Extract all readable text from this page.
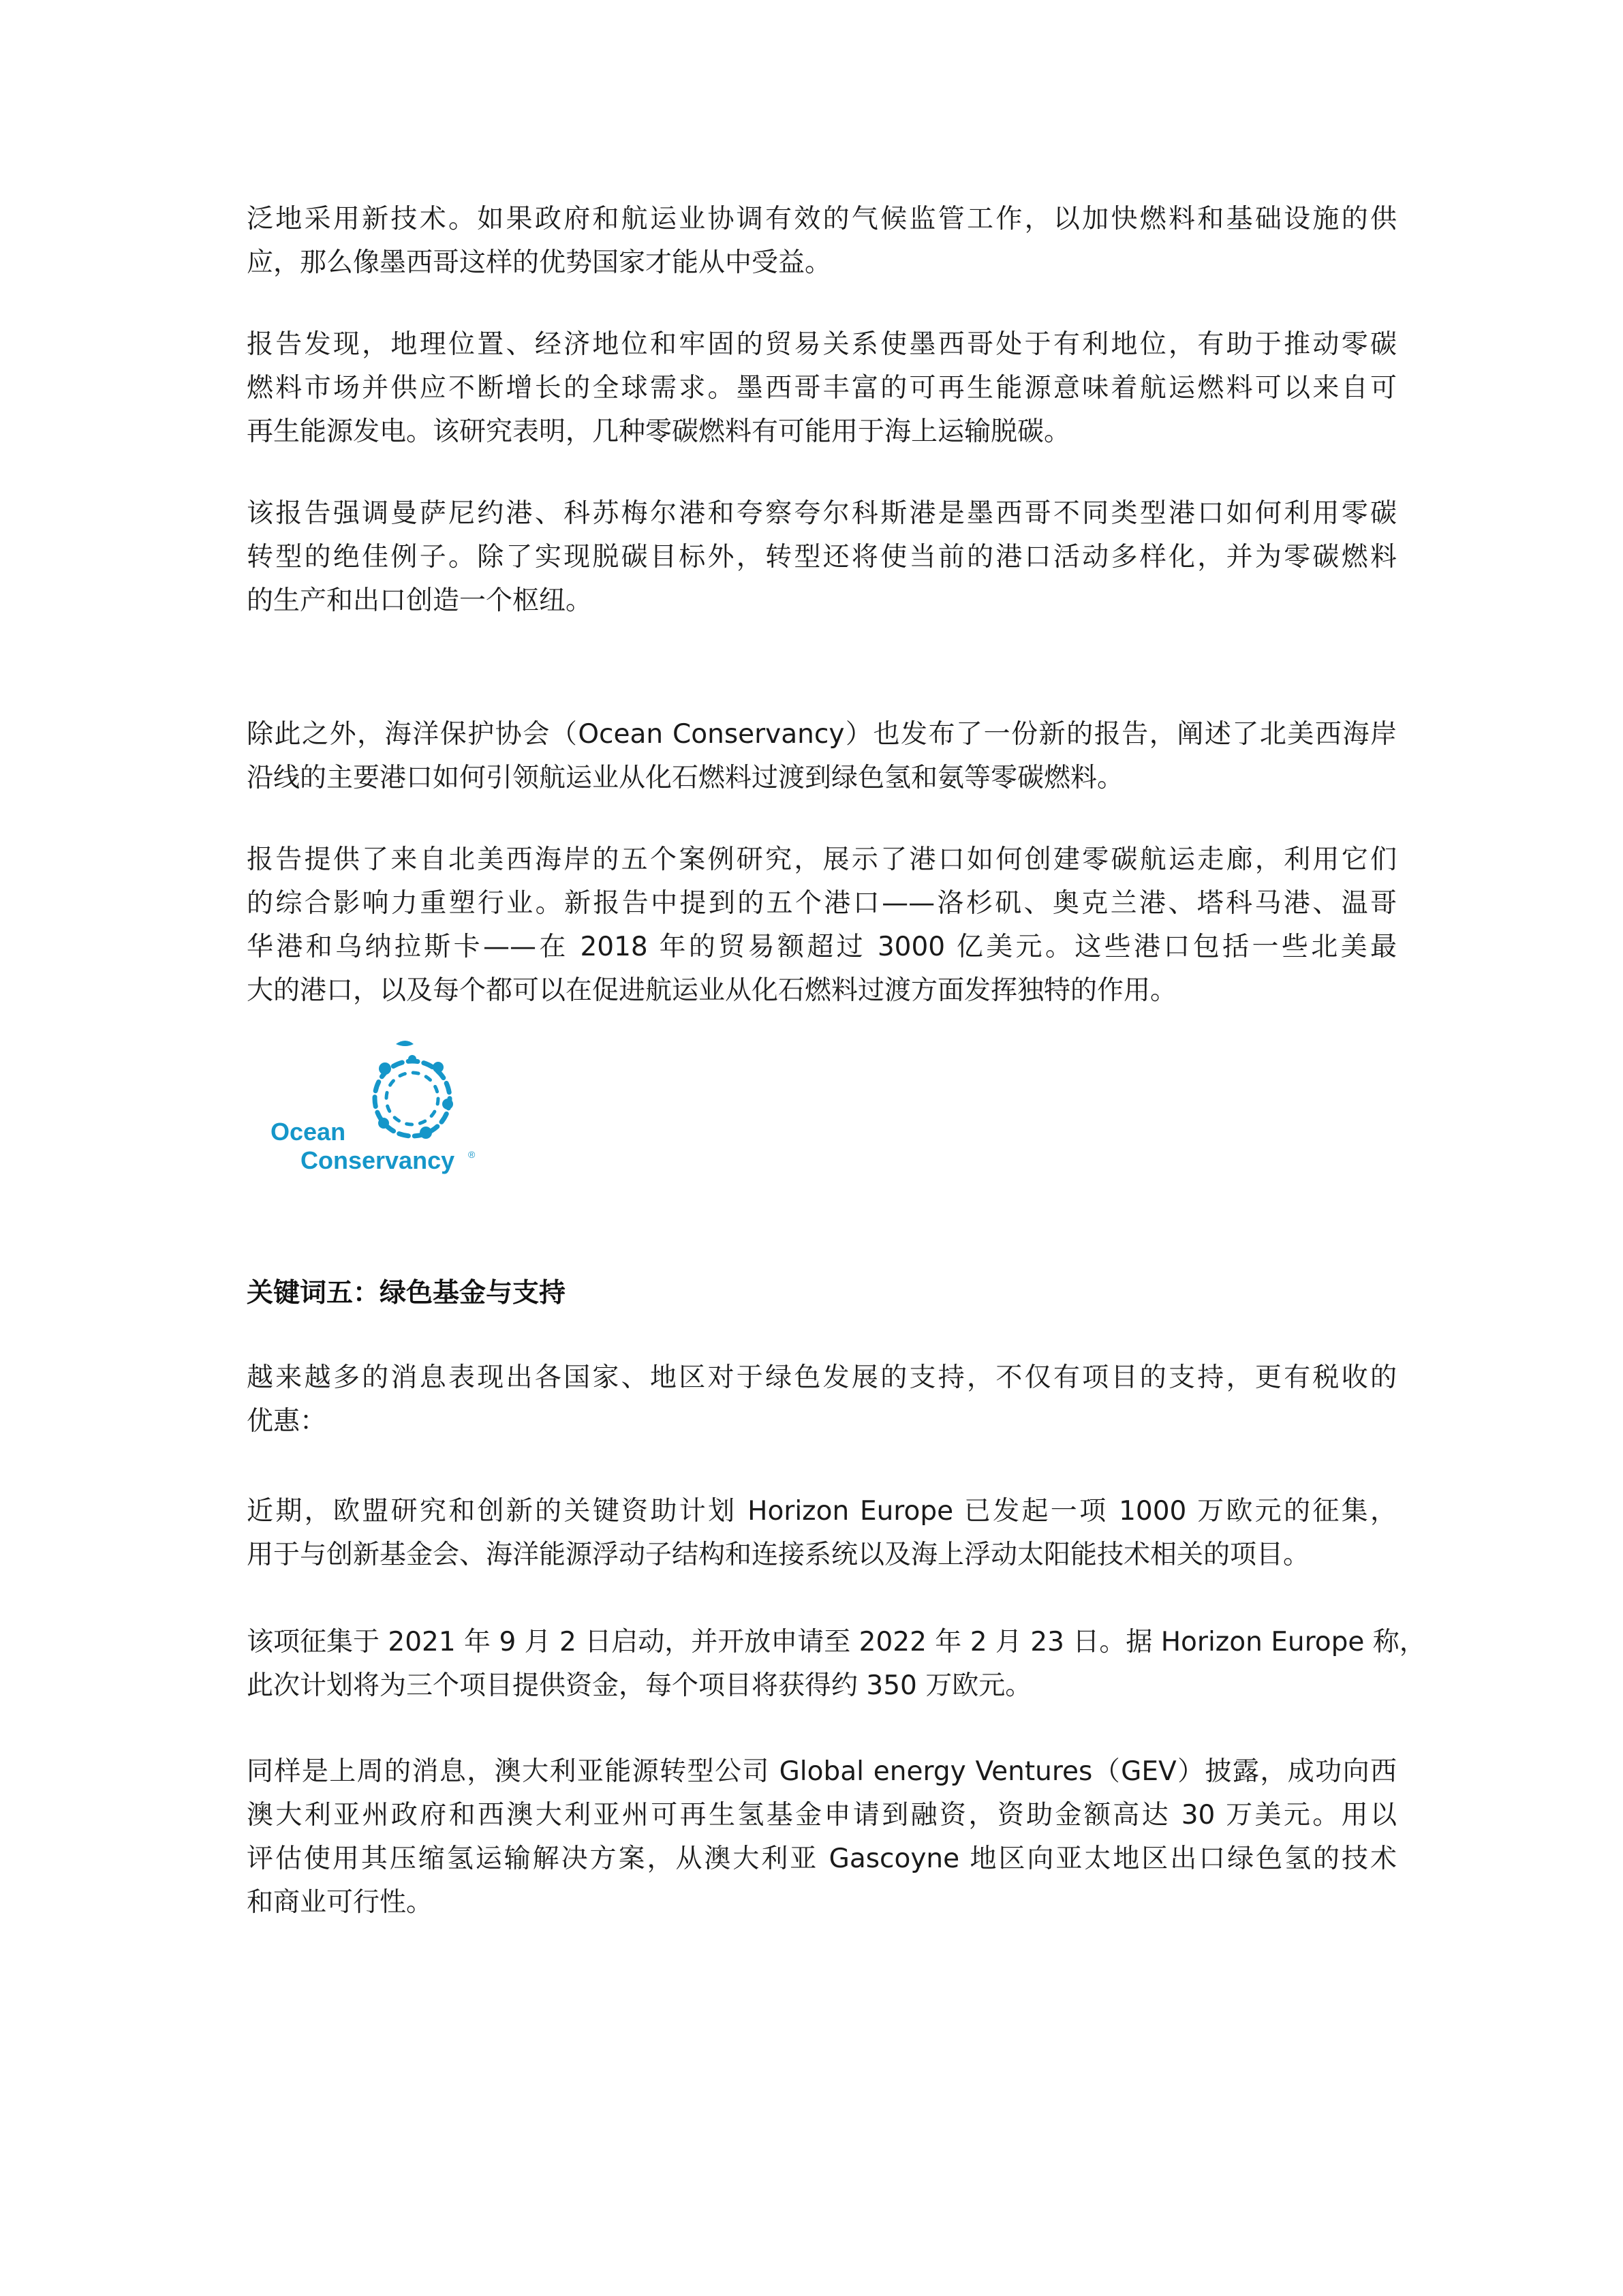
泛地采用新技术。如果政府和航运业协调有效的气候监管工作，以加快燃料和基础设施的供
应，那么像墨西哥这样的优势国家才能从中受益。

报告发现，地理位置、经济地位和牢固的贸易关系使墨西哥处于有利地位，有助于推动零碳
燃料市场并供应不断增长的全球需求。墨西哥丰富的可再生能源意味着航运燃料可以来自可
再生能源发电。该研究表明，几种零碳燃料有可能用于海上运输脱碳。

该报告强调曼萨尼约港、科苏梅尔港和夸察夸尔科斯港是墨西哥不同类型港口如何利用零碳
转型的绝佳例子。除了实现脱碳目标外，转型还将使当前的港口活动多样化，并为零碳燃料
的生产和出口创造一个枢纽。

除此之外，海洋保护协会（Ocean Conservancy）也发布了一份新的报告，阐述了北美西海岸
沿线的主要港口如何引领航运业从化石燃料过渡到绿色氢和氨等零碳燃料。

报告提供了来自北美西海岸的五个案例研究，展示了港口如何创建零碳航运走廊，利用它们
的综合影响力重塑行业。新报告中提到的五个港口——洛杉矶、奥克兰港、塔科马港、温哥
华港和乌纳拉斯卡——在 2018 年的贸易额超过 3000 亿美元。这些港口包括一些北美最
大的港口，以及每个都可以在促进航运业从化石燃料过渡方面发挥独特的作用。

Ocean
Conservancy ®

关键词五：绿色基金与支持

越来越多的消息表现出各国家、地区对于绿色发展的支持，不仅有项目的支持，更有税收的
优惠：

近期，欧盟研究和创新的关键资助计划 Horizon Europe 已发起一项 1000 万欧元的征集，
用于与创新基金会、海洋能源浮动子结构和连接系统以及海上浮动太阳能技术相关的项目。

该项征集于 2021 年 9 月 2 日启动，并开放申请至 2022 年 2 月 23 日。据 Horizon Europe 称，
此次计划将为三个项目提供资金，每个项目将获得约 350 万欧元。

同样是上周的消息，澳大利亚能源转型公司 Global energy Ventures（GEV）披露，成功向西
澳大利亚州政府和西澳大利亚州可再生氢基金申请到融资，资助金额高达 30 万美元。用以
评估使用其压缩氢运输解决方案，从澳大利亚 Gascoyne 地区向亚太地区出口绿色氢的技术
和商业可行性。
